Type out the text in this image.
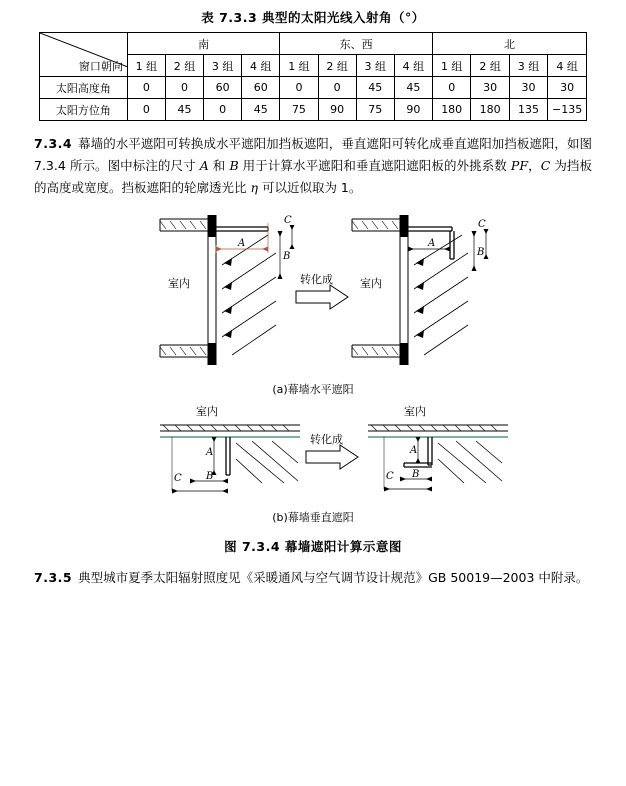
表 7.3.3 典型的太阳光线入射角（°）
窗口朝向	南				东、西				北			
	1 组	2 组	3 组	4 组	1 组	2 组	3 组	4 组	1 组	2 组	3 组	4 组
太阳高度角	0	0	60	60	0	0	45	45	0	30	30	30
太阳方位角	0	45	0	45	75	90	75	90	180	180	135	−135

7.3.4 幕墙的水平遮阳可转换成水平遮阳加挡板遮阳，垂直遮阳可转化成垂直遮阳加挡板遮阳，如图 7.3.4 所示。图中标注的尺寸 A 和 B 用于计算水平遮阳和垂直遮阳遮阳板的外挑系数 PF，C 为挡板的高度或宽度。挡板遮阳的轮廓透光比 η 可以近似取为 1。

A
B
C
室内	转化成
A
B
C
室内
(a)幕墙水平遮阳
室内
A
B
C
转化成
室内
A
B
C
(b)幕墙垂直遮阳
图 7.3.4 幕墙遮阳计算示意图

7.3.5 典型城市夏季太阳辐射照度见《采暖通风与空气调节设计规范》GB 50019—2003 中附录。
